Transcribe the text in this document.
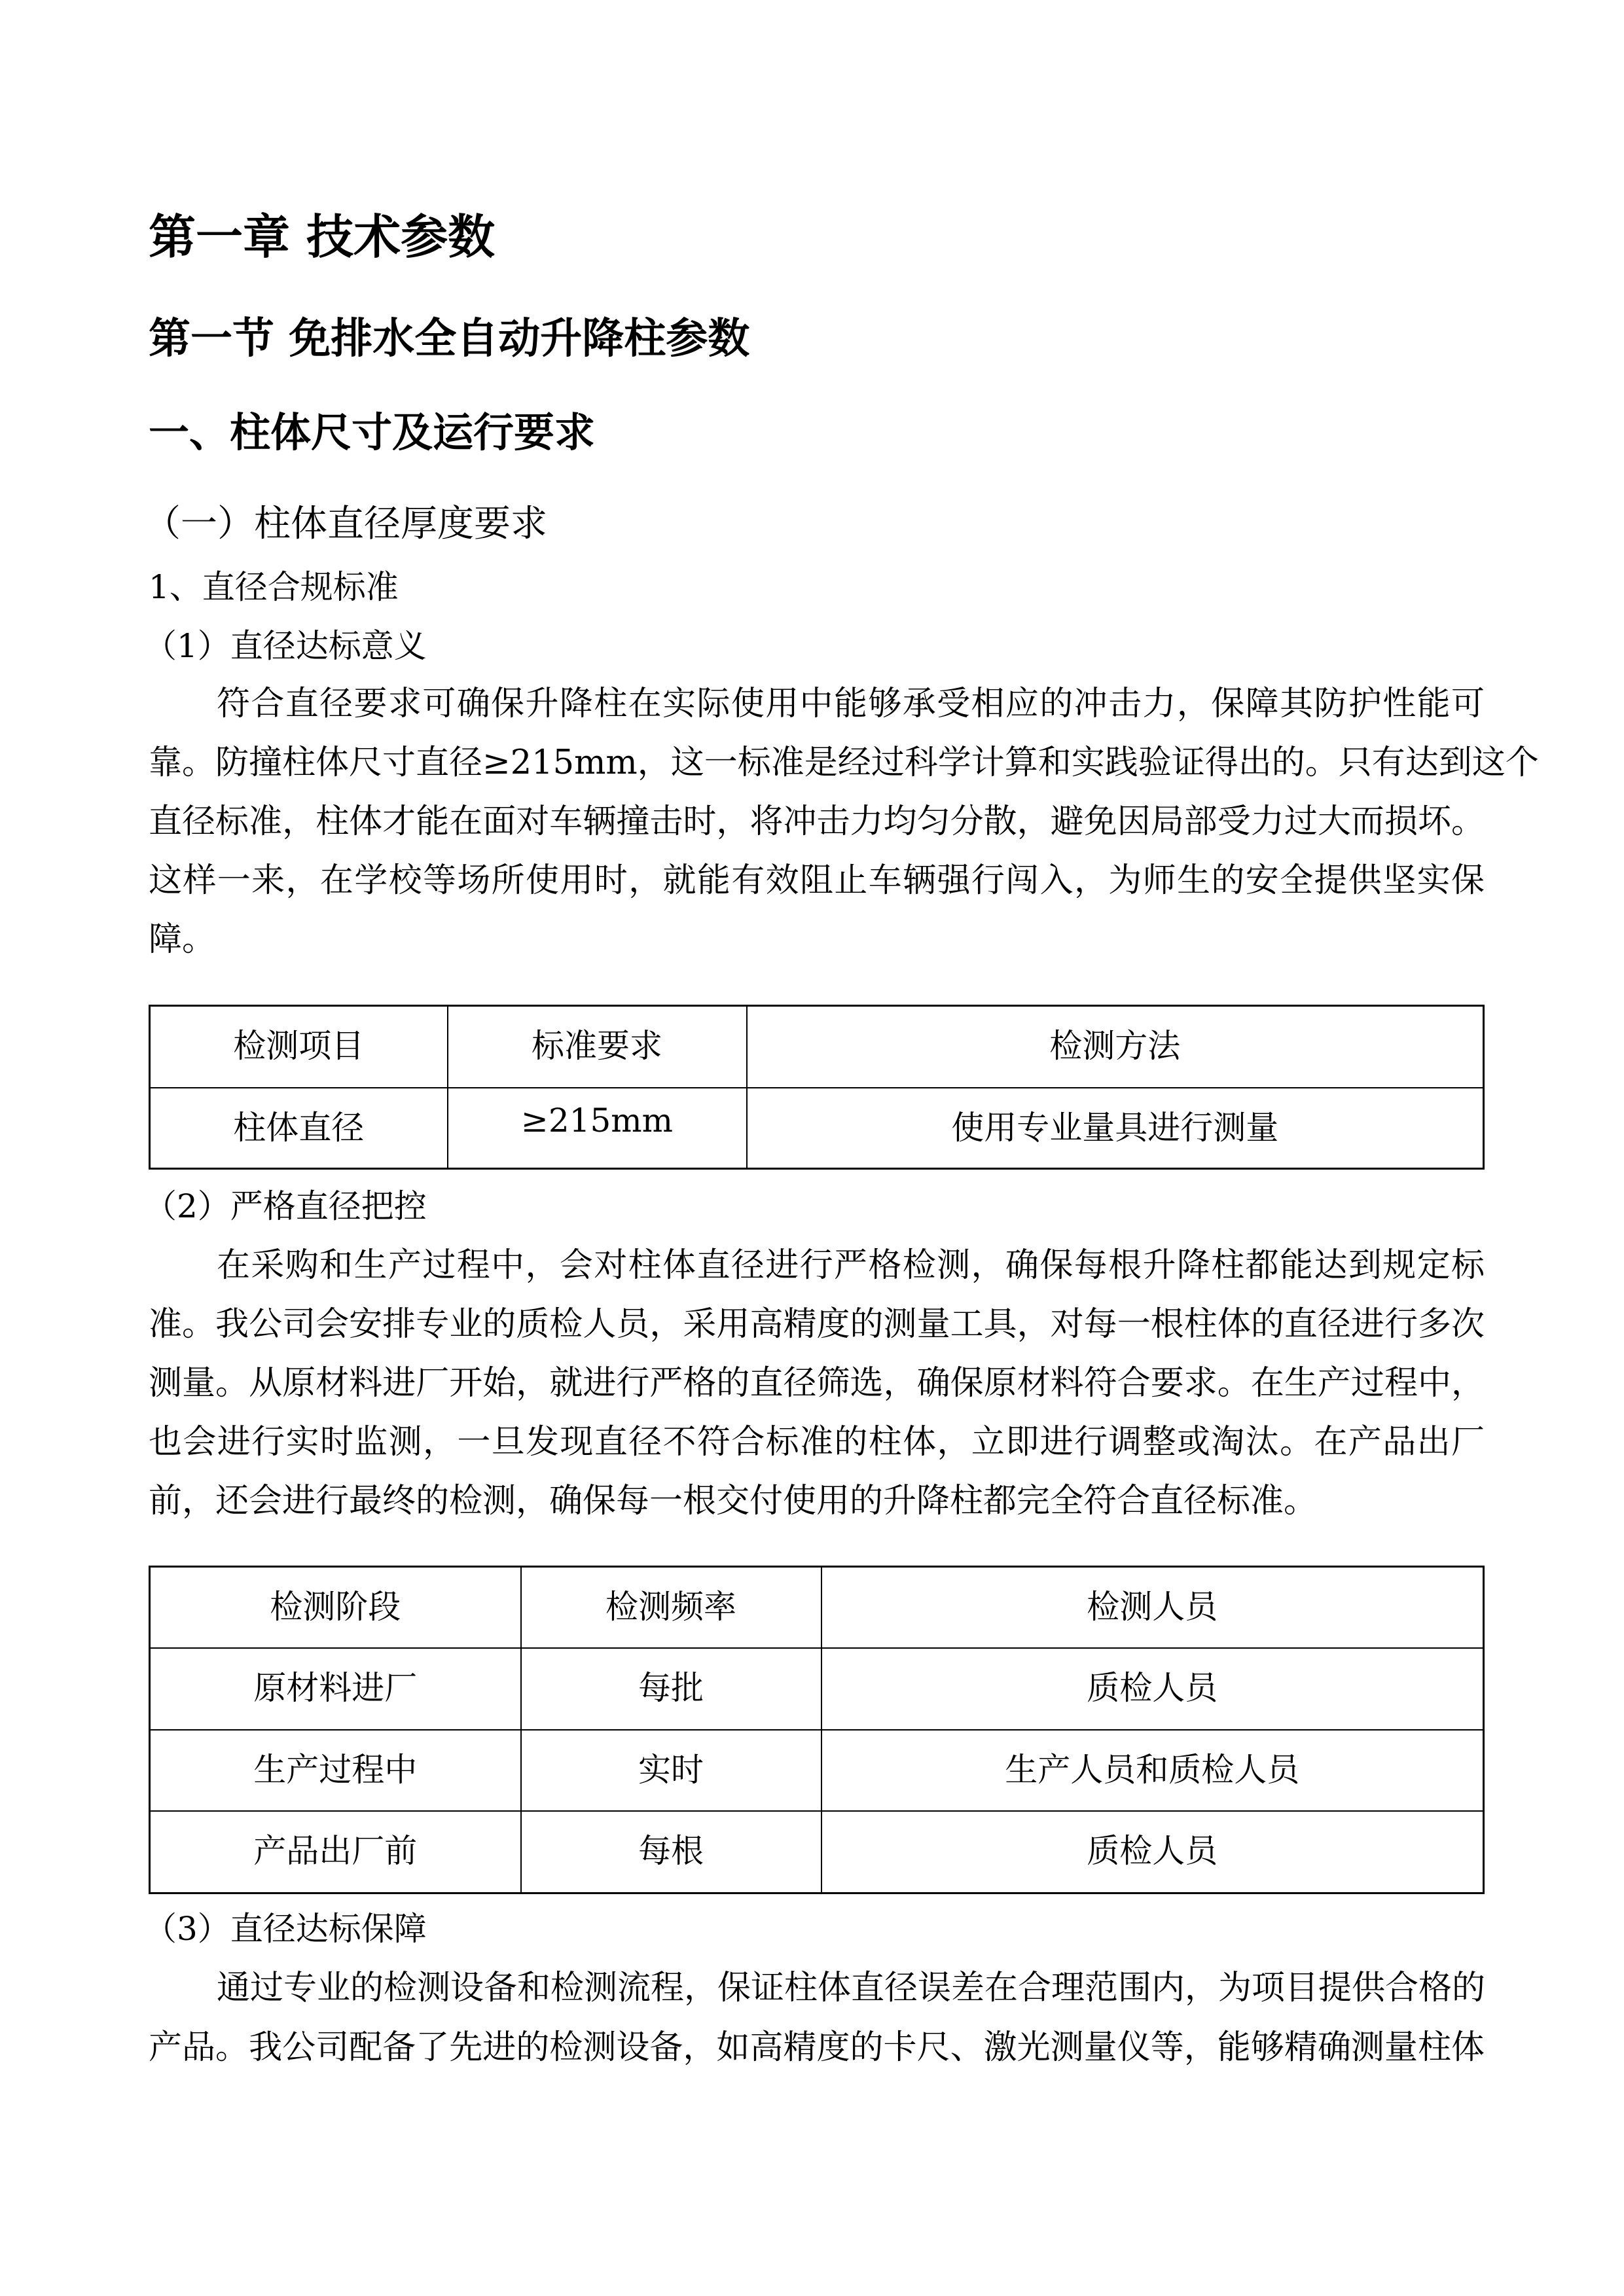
第一章 技术参数
第一节 免排水全自动升降柱参数
一、柱体尺寸及运行要求
（一）柱体直径厚度要求
1、直径合规标准
（1）直径达标意义
符合直径要求可确保升降柱在实际使用中能够承受相应的冲击力，保障其防护性能可
靠。防撞柱体尺寸直径≥215mm，这一标准是经过科学计算和实践验证得出的。只有达到这个
直径标准，柱体才能在面对车辆撞击时，将冲击力均匀分散，避免因局部受力过大而损坏。
这样一来，在学校等场所使用时，就能有效阻止车辆强行闯入，为师生的安全提供坚实保
障。
检测项目	标准要求	检测方法
柱体直径	≥215mm	使用专业量具进行测量
（2）严格直径把控
在采购和生产过程中，会对柱体直径进行严格检测，确保每根升降柱都能达到规定标
准。我公司会安排专业的质检人员，采用高精度的测量工具，对每一根柱体的直径进行多次
测量。从原材料进厂开始，就进行严格的直径筛选，确保原材料符合要求。在生产过程中，
也会进行实时监测，一旦发现直径不符合标准的柱体，立即进行调整或淘汰。在产品出厂
前，还会进行最终的检测，确保每一根交付使用的升降柱都完全符合直径标准。
检测阶段	检测频率	检测人员
原材料进厂	每批	质检人员
生产过程中	实时	生产人员和质检人员
产品出厂前	每根	质检人员
（3）直径达标保障
通过专业的检测设备和检测流程，保证柱体直径误差在合理范围内，为项目提供合格的
产品。我公司配备了先进的检测设备，如高精度的卡尺、激光测量仪等，能够精确测量柱体
